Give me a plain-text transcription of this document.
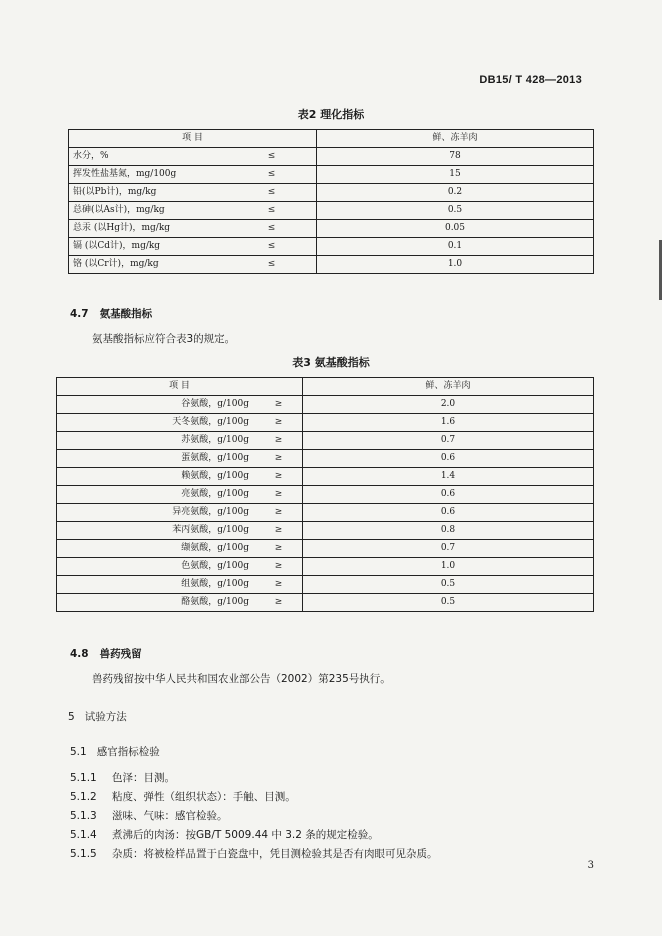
DB15/ T 428—2013
表2 理化指标
项 目		鲜、冻羊肉
水分，%	≤	78
挥发性盐基氮，mg/100g	≤	15
铅(以Pb计)，mg/kg	≤	0.2
总砷(以As计)，mg/kg	≤	0.5
总汞 (以Hg计)，mg/kg	≤	0.05
镉 (以Cd计)，mg/kg	≤	0.1
铬 (以Cr计)，mg/kg	≤	1.0
4.7 氨基酸指标
氨基酸指标应符合表3的规定。
表3 氨基酸指标
项 目		鲜、冻羊肉
谷氨酸，g/100g	≥	2.0
天冬氨酸，g/100g	≥	1.6
苏氨酸，g/100g	≥	0.7
蛋氨酸，g/100g	≥	0.6
赖氨酸，g/100g	≥	1.4
亮氨酸，g/100g	≥	0.6
异亮氨酸，g/100g	≥	0.6
苯丙氨酸，g/100g	≥	0.8
缬氨酸，g/100g	≥	0.7
色氨酸，g/100g	≥	1.0
组氨酸，g/100g	≥	0.5
酪氨酸，g/100g	≥	0.5
4.8 兽药残留
兽药残留按中华人民共和国农业部公告（2002）第235号执行。
5 试验方法
5.1 感官指标检验
5.1.1 色泽：目测。
5.1.2 粘度、弹性（组织状态）：手触、目测。
5.1.3 滋味、气味：感官检验。
5.1.4 煮沸后的肉汤：按GB/T 5009.44 中 3.2 条的规定检验。
5.1.5 杂质：将被检样品置于白瓷盘中，凭目测检验其是否有肉眼可见杂质。
3
